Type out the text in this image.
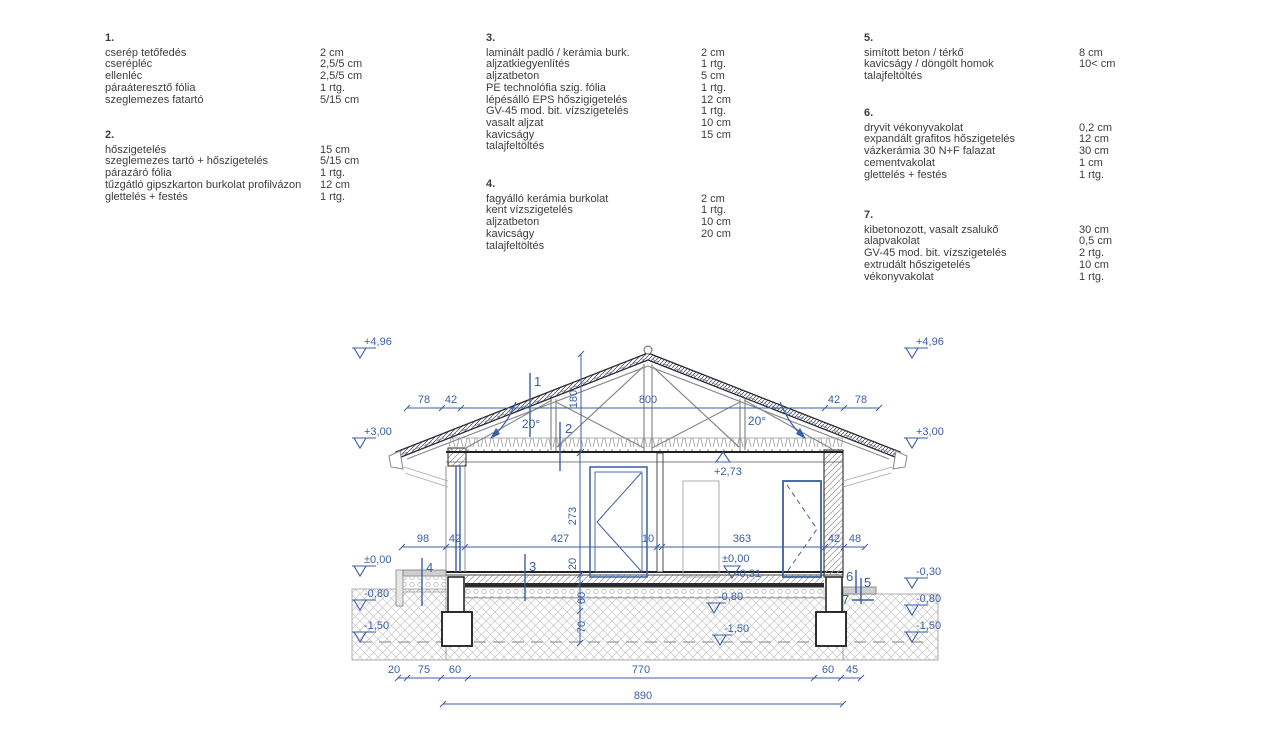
1.
cserép tetőfedés	2 cm
cserépléc	2,5/5 cm
ellenléc	2,5/5 cm
páraáteresztő fólia	1 rtg.
szeglemezes fatartó	5/15 cm
2.
hőszigetelés	15 cm
szeglemezes tartó + hőszigetelés	5/15 cm
párazáró fólia	1 rtg.
tűzgátló gipszkarton burkolat profilvázon	12 cm
glettelés + festés	1 rtg.
3.
laminált padló / kerámia burk.	2 cm
aljzatkiegyenlítés	1 rtg.
aljzatbeton	5 cm
PE technolófia szig. fólia	1 rtg.
lépésálló EPS hőszigigetelés	12 cm
GV-45 mod. bit. vízszigetelés	1 rtg.
vasalt aljzat	10 cm
kavicságy	15 cm
talajfeltöltés
4.
fagyálló kerámia burkolat	2 cm
kent vízszigetelés	1 rtg.
aljzatbeton	10 cm
kavicságy	20 cm
talajfeltöltés
5.
simított beton / térkő	8 cm
kavicságy / döngölt homok	10< cm
talajfeltöltés
6.
dryvit vékonyvakolat	0,2 cm
expandált grafitos hőszigetelés	12 cm
vázkerámia 30 N+F falazat	30 cm
cementvakolat	1 cm
glettelés + festés	1 rtg.
7.
kibetonozott, vasalt zsalukő	30 cm
alapvakolat	0,5 cm
GV-45 mod. bit. vízszigetelés	2 rtg.
extrudált hőszigetelés	10 cm
vékonyvakolat	1 rtg.
78 42	800	42 78
180
20°	20°
98 42	427	10	363	42 48
273
20
60
70
20 75 60	770	60 45
890
+4,96
+3,00
±0,00
-0,80
-1,50
+4,96
+3,00
-0,30
-0,80
-1,50
+2,73
±0,00
-0,31
-0,80
-1,50
1
2
3
4
5
6
7
